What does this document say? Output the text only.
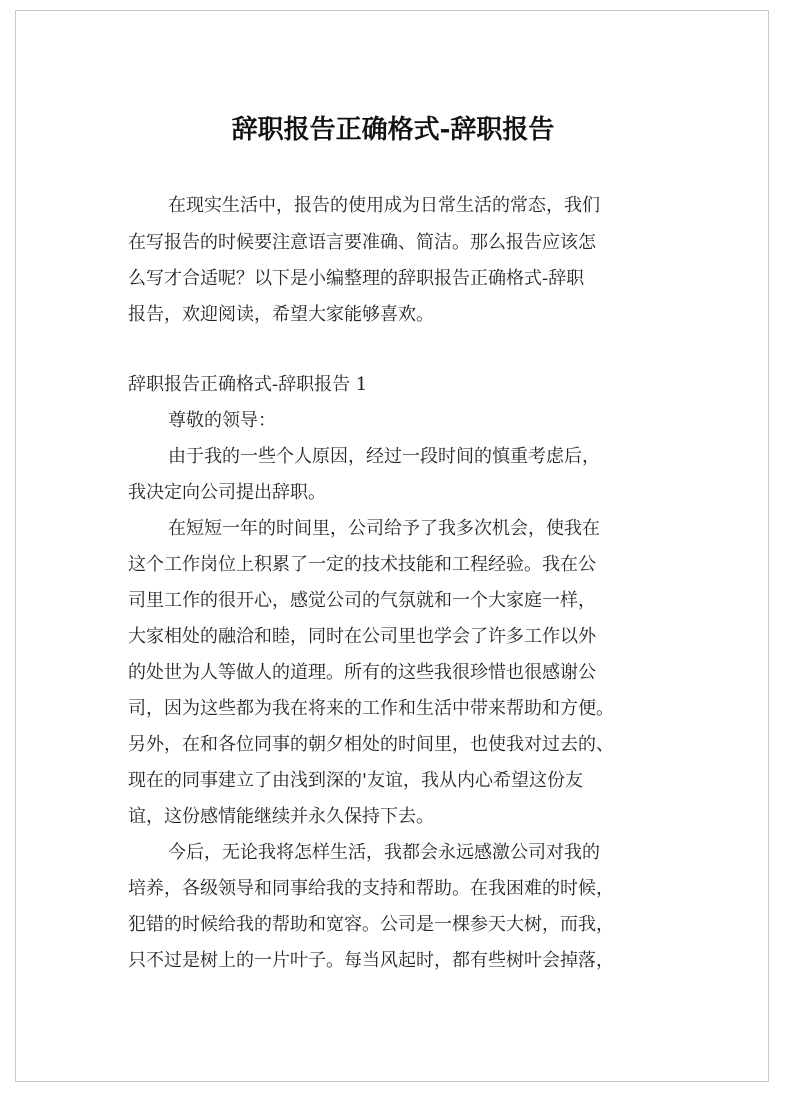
辞职报告正确格式-辞职报告

在现实生活中，报告的使用成为日常生活的常态，我们

在写报告的时候要注意语言要准确、简洁。那么报告应该怎

么写才合适呢？以下是小编整理的辞职报告正确格式-辞职

报告，欢迎阅读，希望大家能够喜欢。

辞职报告正确格式-辞职报告 1

尊敬的领导：

由于我的一些个人原因，经过一段时间的慎重考虑后，

我决定向公司提出辞职。

在短短一年的时间里，公司给予了我多次机会，使我在

这个工作岗位上积累了一定的技术技能和工程经验。我在公

司里工作的很开心，感觉公司的气氛就和一个大家庭一样，

大家相处的融洽和睦，同时在公司里也学会了许多工作以外

的处世为人等做人的道理。所有的这些我很珍惜也很感谢公

司，因为这些都为我在将来的工作和生活中带来帮助和方便。

另外，在和各位同事的朝夕相处的时间里，也使我对过去的、

现在的同事建立了由浅到深的'友谊，我从内心希望这份友

谊，这份感情能继续并永久保持下去。

今后，无论我将怎样生活，我都会永远感激公司对我的

培养，各级领导和同事给我的支持和帮助。在我困难的时候，

犯错的时候给我的帮助和宽容。公司是一棵参天大树，而我，

只不过是树上的一片叶子。每当风起时，都有些树叶会掉落，
